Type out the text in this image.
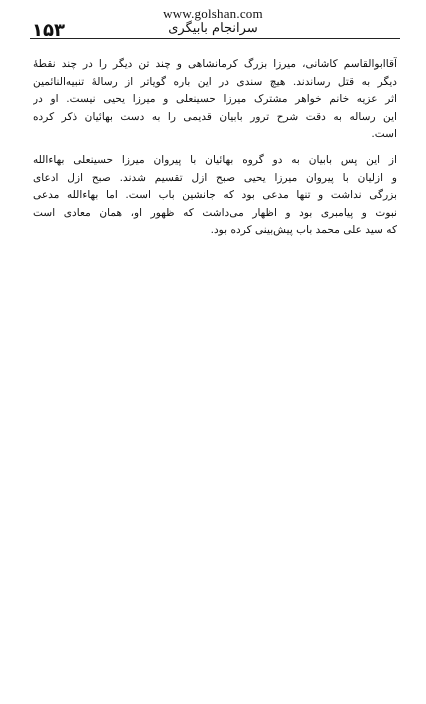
www.golshan.com
۱۵۳	سرانجام بابیگری
آقاابوالقاسم کاشانی، میرزا بزرگ کرمانشاهی و چند تن دیگر را در چند نقطهٔ
دیگر به قتل رساندند. هیچ سندی در این باره گویاتر از رسالهٔ تنبیه‌النائمین
اثر عزیه خانم خواهر مشترک میرزا حسینعلی و میرزا یحیی نیست. او در
این رساله به دقت شرح ترور بابیان قدیمی را به دست بهائیان ذکر کرده
است.
از این پس بابیان به دو گروه بهائیان با پیروان میرزا حسینعلی بهاءالله
و ازلیان با پیروان میرزا یحیی صبح ازل تقسیم شدند. صبح ازل ادعای
بزرگی نداشت و تنها مدعی بود که جانشین باب است. اما بهاءالله مدعی
نبوت و پیامبری بود و اظهار می‌داشت که ظهور او، همان معادی است
که سید علی محمد باب پیش‌بینی کرده بود.
